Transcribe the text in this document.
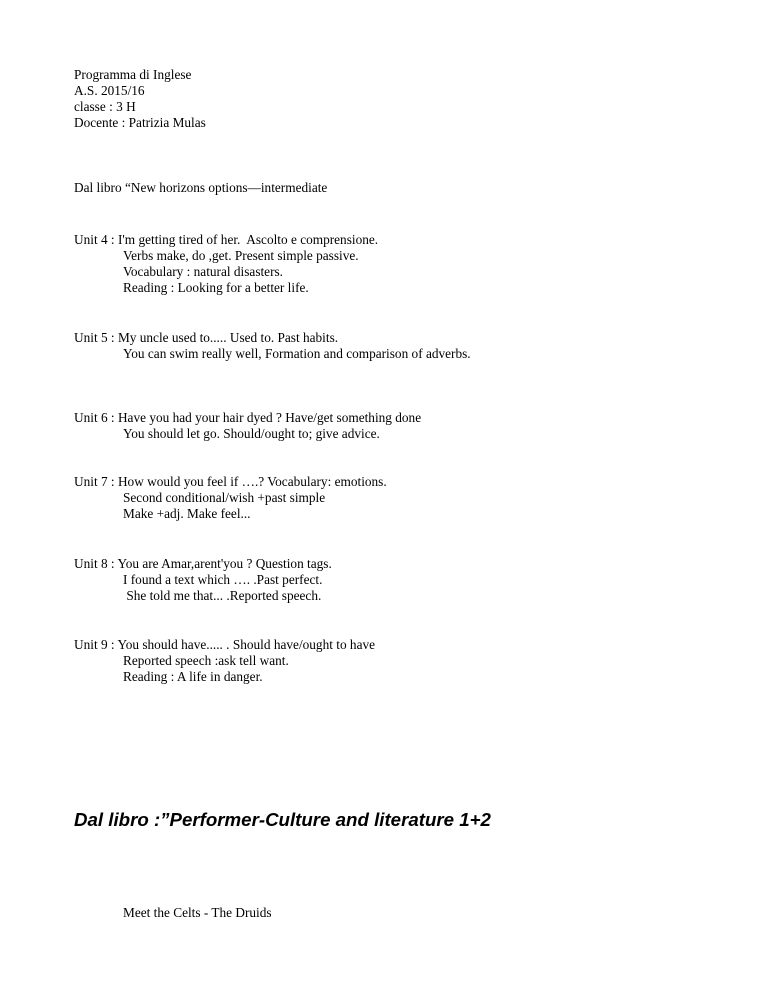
Programma di Inglese
A.S. 2015/16
classe : 3 H
Docente : Patrizia Mulas
Dal libro “New horizons options—intermediate
Unit 4 : I'm getting tired of her.  Ascolto e comprensione.
Verbs make, do ,get. Present simple passive.
Vocabulary : natural disasters.
Reading : Looking for a better life.
Unit 5 : My uncle used to..... Used to. Past habits.
You can swim really well, Formation and comparison of adverbs.
Unit 6 : Have you had your hair dyed ? Have/get something done
You should let go. Should/ought to; give advice.
Unit 7 : How would you feel if ….? Vocabulary: emotions.
Second conditional/wish +past simple
Make +adj. Make feel...
Unit 8 : You are Amar,arent'you ? Question tags.
I found a text which …. .Past perfect.
She told me that... .Reported speech.
Unit 9 : You should have..... . Should have/ought to have
Reported speech :ask tell want.
Reading : A life in danger.
Dal libro :”Performer-Culture and literature 1+2
Meet the Celts - The Druids
